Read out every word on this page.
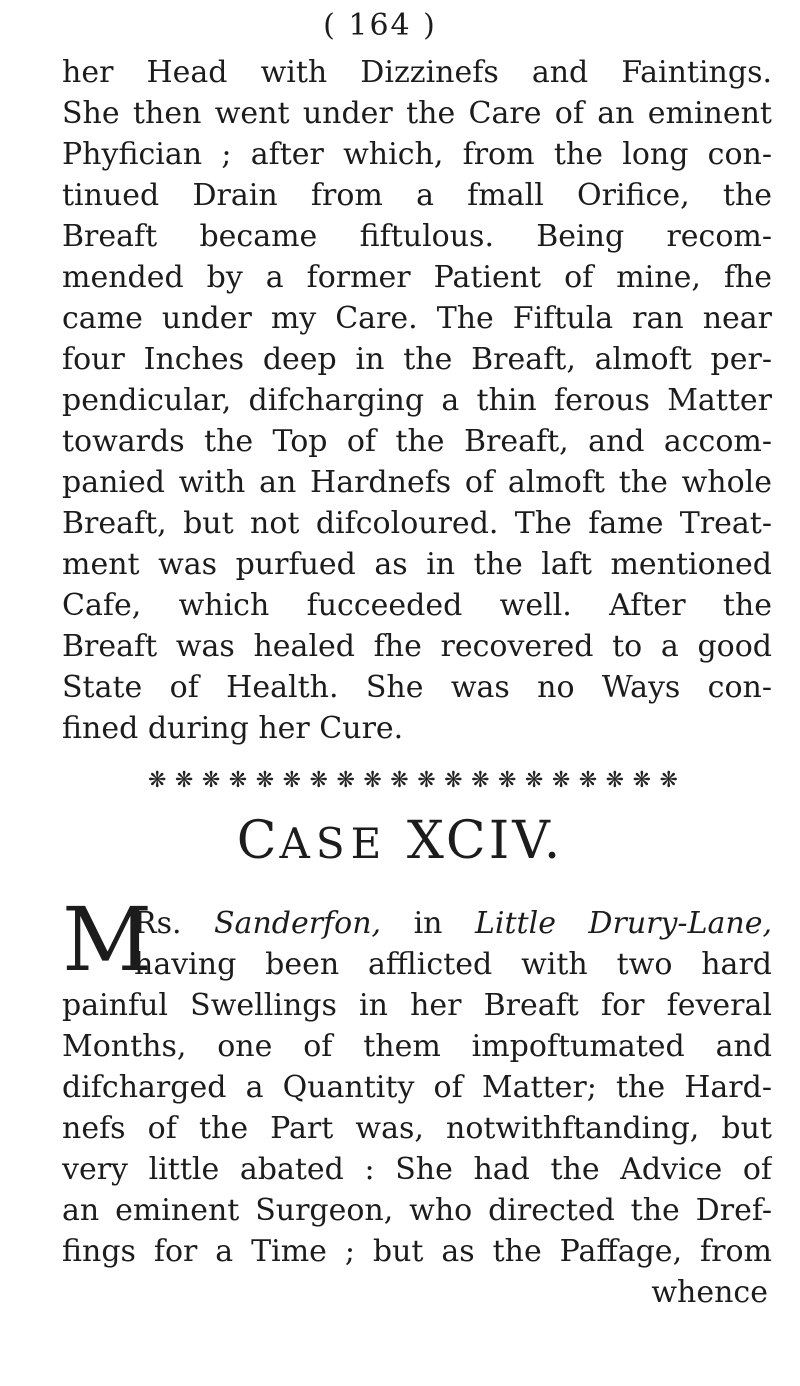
( 164 )
her Head with Dizzinefs and Faintings.
She then went under the Care of an eminent
Phyfician ; after which, from the long con-
tinued Drain from a fmall Orifice, the
Breaft became fiftulous. Being recom-
mended by a former Patient of mine, fhe
came under my Care. The Fiftula ran near
four Inches deep in the Breaft, almoft per-
pendicular, difcharging a thin ferous Matter
towards the Top of the Breaft, and accom-
panied with an Hardnefs of almoft the whole
Breaft, but not difcoloured. The fame Treat-
ment was purfued as in the laft mentioned
Cafe, which fucceeded well. After the
Breaft was healed fhe recovered to a good
State of Health. She was no Ways con-
fined during her Cure.
❋ ❋ ❋ ❋ ❋ ❋ ❋ ❋ ❋ ❋ ❋ ❋ ❋ ❋ ❋ ❋ ❋ ❋ ❋ ❋
CASE XCIV.
M
Rs. Sanderfon, in Little Drury-Lane,
having been afflicted with two hard
painful Swellings in her Breaft for feveral
Months, one of them impoftumated and
difcharged a Quantity of Matter; the Hard-
nefs of the Part was, notwithftanding, but
very little abated : She had the Advice of
an eminent Surgeon, who directed the Dref-
fings for a Time ; but as the Paffage, from
whence
